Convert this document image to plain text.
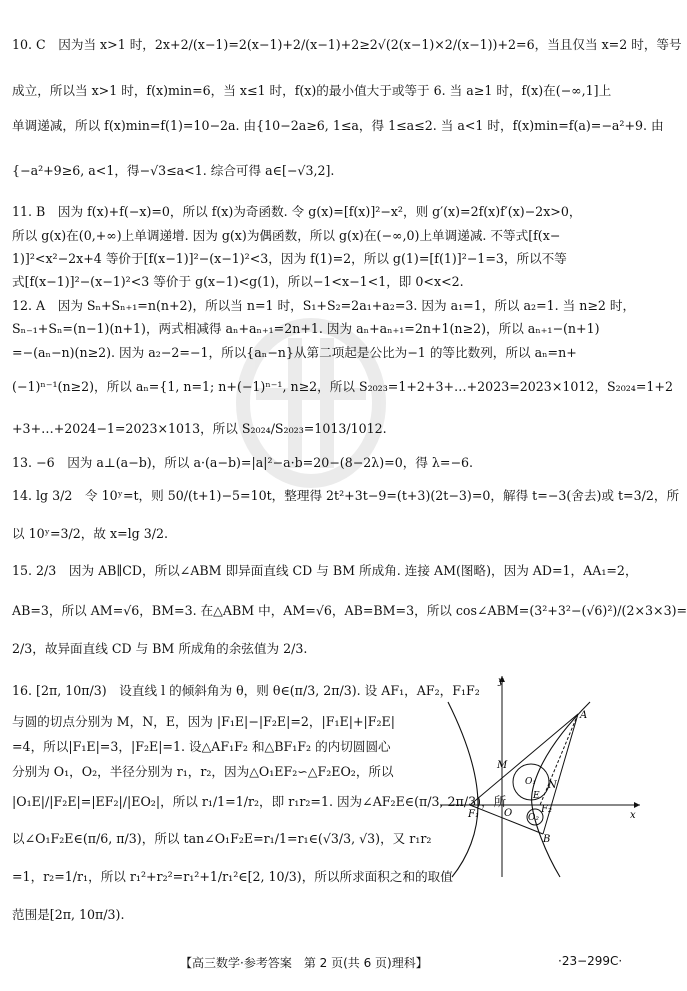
10. C　因为当 x>1 时，2x+2/(x−1)=2(x−1)+2/(x−1)+2≥2√(2(x−1)×2/(x−1))+2=6，当且仅当 x=2 时，等号
成立，所以当 x>1 时，f(x)min=6，当 x≤1 时，f(x)的最小值大于或等于 6. 当 a≥1 时，f(x)在(−∞,1]上
单调递减，所以 f(x)min=f(1)=10−2a. 由{10−2a≥6, 1≤a，得 1≤a≤2. 当 a<1 时，f(x)min=f(a)=−a²+9. 由
{−a²+9≥6, a<1，得−√3≤a<1. 综合可得 a∈[−√3,2].
11. B　因为 f(x)+f(−x)=0，所以 f(x)为奇函数. 令 g(x)=[f(x)]²−x²，则 g′(x)=2f(x)f′(x)−2x>0，
所以 g(x)在(0,+∞)上单调递增. 因为 g(x)为偶函数，所以 g(x)在(−∞,0)上单调递减. 不等式[f(x−
1)]²<x²−2x+4 等价于[f(x−1)]²−(x−1)²<3，因为 f(1)=2，所以 g(1)=[f(1)]²−1=3，所以不等
式[f(x−1)]²−(x−1)²<3 等价于 g(x−1)<g(1)，所以−1<x−1<1，即 0<x<2.
12. A　因为 Sₙ+Sₙ₊₁=n(n+2)，所以当 n=1 时，S₁+S₂=2a₁+a₂=3. 因为 a₁=1，所以 a₂=1. 当 n≥2 时，
Sₙ₋₁+Sₙ=(n−1)(n+1)，两式相减得 aₙ+aₙ₊₁=2n+1. 因为 aₙ+aₙ₊₁=2n+1(n≥2)，所以 aₙ₊₁−(n+1)
=−(aₙ−n)(n≥2). 因为 a₂−2=−1，所以{aₙ−n}从第二项起是公比为−1 的等比数列，所以 aₙ=n+
(−1)ⁿ⁻¹(n≥2)，所以 aₙ={1, n=1; n+(−1)ⁿ⁻¹, n≥2，所以 S₂₀₂₃=1+2+3+…+2023=2023×1012，S₂₀₂₄=1+2
+3+…+2024−1=2023×1013，所以 S₂₀₂₄/S₂₀₂₃=1013/1012.
13. −6　因为 a⊥(a−b)，所以 a·(a−b)=|a|²−a·b=20−(8−2λ)=0，得 λ=−6.
14. lg 3/2　令 10ʸ=t，则 50/(t+1)−5=10t，整理得 2t²+3t−9=(t+3)(2t−3)=0，解得 t=−3(舍去)或 t=3/2，所
以 10ʸ=3/2，故 x=lg 3/2.
15. 2/3　因为 AB∥CD，所以∠ABM 即异面直线 CD 与 BM 所成角. 连接 AM(图略)，因为 AD=1，AA₁=2，
AB=3，所以 AM=√6，BM=3. 在△ABM 中，AM=√6，AB=BM=3，所以 cos∠ABM=(3²+3²−(√6)²)/(2×3×3)=
2/3，故异面直线 CD 与 BM 所成角的余弦值为 2/3.
16. [2π, 10π/3)　设直线 l 的倾斜角为 θ，则 θ∈(π/3, 2π/3). 设 AF₁，AF₂，F₁F₂
与圆的切点分别为 M，N，E，因为 |F₁E|−|F₂E|=2，|F₁E|+|F₂E|
=4，所以|F₁E|=3，|F₂E|=1. 设△AF₁F₂ 和△BF₁F₂ 的内切圆圆心
分别为 O₁，O₂，半径分别为 r₁，r₂，因为△O₁EF₂∽△F₂EO₂，所以
|O₁E|/|F₂E|=|EF₂|/|EO₂|，所以 r₁/1=1/r₂，即 r₁r₂=1. 因为∠AF₂E∈(π/3, 2π/3)，所
以∠O₁F₂E∈(π/6, π/3)，所以 tan∠O₁F₂E=r₁/1=r₁∈(√3/3, √3)，又 r₁r₂
=1，r₂=1/r₁，所以 r₁²+r₂²=r₁²+1/r₁²∈[2, 10/3)，所以所求面积之和的取值
范围是[2π, 10π/3).
y
x
A
B
M
N
E
O
O₁
O₂
F₁	F₂
【高三数学·参考答案　第 2 页(共 6 页)理科】	·23−299C·
